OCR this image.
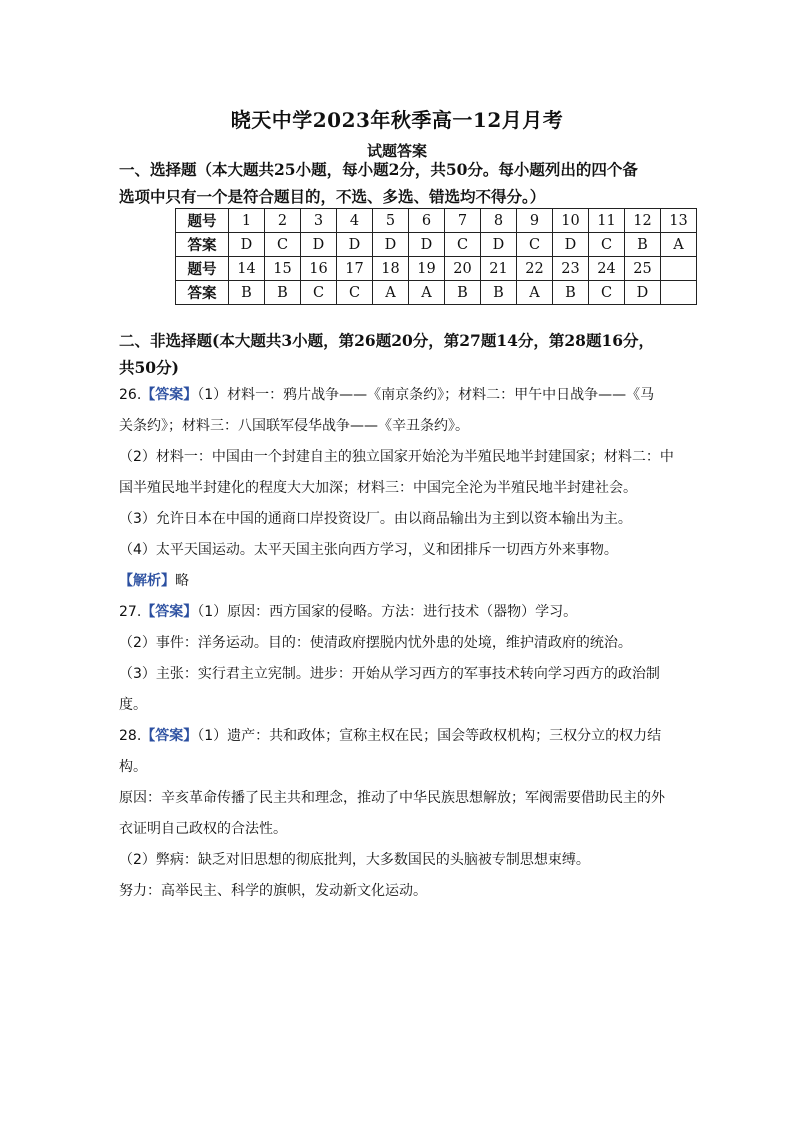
晓天中学2023年秋季高一12月月考
试题答案
一、选择题（本大题共25小题，每小题2分，共50分。每小题列出的四个备
选项中只有一个是符合题目的，不选、多选、错选均不得分。）
题号	1	2	3	4	5	6	7	8	9	10	11	12	13
答案	D	C	D	D	D	D	C	D	C	D	C	B	A
题号	14	15	16	17	18	19	20	21	22	23	24	25	
答案	B	B	C	C	A	A	B	B	A	B	C	D	
二、非选择题(本大题共3小题，第26题20分，第27题14分，第28题16分，
共50分)
26.【答案】（1）材料一：鸦片战争——《南京条约》；材料二：甲午中日战争——《马
关条约》；材料三：八国联军侵华战争——《辛丑条约》。
（2）材料一：中国由一个封建自主的独立国家开始沦为半殖民地半封建国家；材料二：中
国半殖民地半封建化的程度大大加深；材料三：中国完全沦为半殖民地半封建社会。
（3）允许日本在中国的通商口岸投资设厂。由以商品输出为主到以资本输出为主。
（4）太平天国运动。太平天国主张向西方学习，义和团排斥一切西方外来事物。
【解析】略
27.【答案】（1）原因：西方国家的侵略。方法：进行技术（器物）学习。
（2）事件：洋务运动。目的：使清政府摆脱内忧外患的处境，维护清政府的统治。
（3）主张：实行君主立宪制。进步：开始从学习西方的军事技术转向学习西方的政治制
度。
28.【答案】（1）遗产：共和政体；宣称主权在民；国会等政权机构；三权分立的权力结
构。
原因：辛亥革命传播了民主共和理念，推动了中华民族思想解放；军阀需要借助民主的外
衣证明自己政权的合法性。
（2）弊病：缺乏对旧思想的彻底批判，大多数国民的头脑被专制思想束缚。
努力：高举民主、科学的旗帜，发动新文化运动。
